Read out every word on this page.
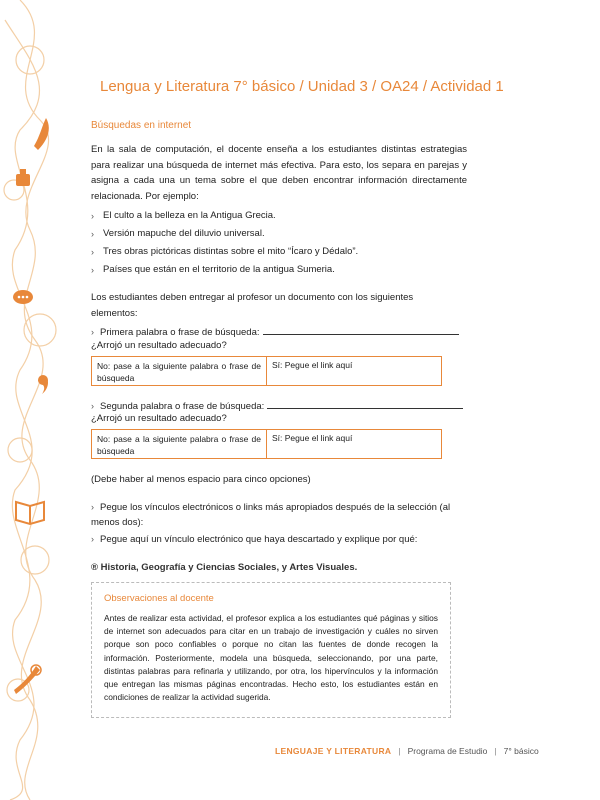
Lengua y Literatura 7° básico / Unidad 3 / OA24 / Actividad 1
Búsquedas en internet
En la sala de computación, el docente enseña a los estudiantes distintas estrategias para realizar una búsqueda de internet más efectiva. Para esto, los separa en parejas y asigna a cada una un tema sobre el que deben encontrar información directamente relacionada. Por ejemplo:
› El culto a la belleza en la Antigua Grecia.
› Versión mapuche del diluvio universal.
› Tres obras pictóricas distintas sobre el mito “Ícaro y Dédalo”.
› Países que están en el territorio de la antigua Sumeria.
Los estudiantes deben entregar al profesor un documento con los siguientes elementos:
› Primera palabra o frase de búsqueda:
¿Arrojó un resultado adecuado?
No: pase a la siguiente palabra o frase de búsqueda
Sí: Pegue el link aquí
› Segunda palabra o frase de búsqueda:
¿Arrojó un resultado adecuado?
No: pase a la siguiente palabra o frase de búsqueda
Sí: Pegue el link aquí
(Debe haber al menos espacio para cinco opciones)
› Pegue los vínculos electrónicos o links más apropiados después de la selección (al menos dos):
› Pegue aquí un vínculo electrónico que haya descartado y explique por qué:
® Historia, Geografía y Ciencias Sociales, y Artes Visuales.
Observaciones al docente
Antes de realizar esta actividad, el profesor explica a los estudiantes qué páginas y sitios de internet son adecuados para citar en un trabajo de investigación y cuáles no sirven porque son poco confiables o porque no citan las fuentes de donde recogen la información. Posteriormente, modela una búsqueda, seleccionando, por una parte, distintas palabras para refinarla y utilizando, por otra, los hipervínculos y la información que entregan las mismas páginas encontradas. Hecho esto, los estudiantes están en condiciones de realizar la actividad sugerida.
LENGUAJE Y LITERATURA | Programa de Estudio | 7° básico
